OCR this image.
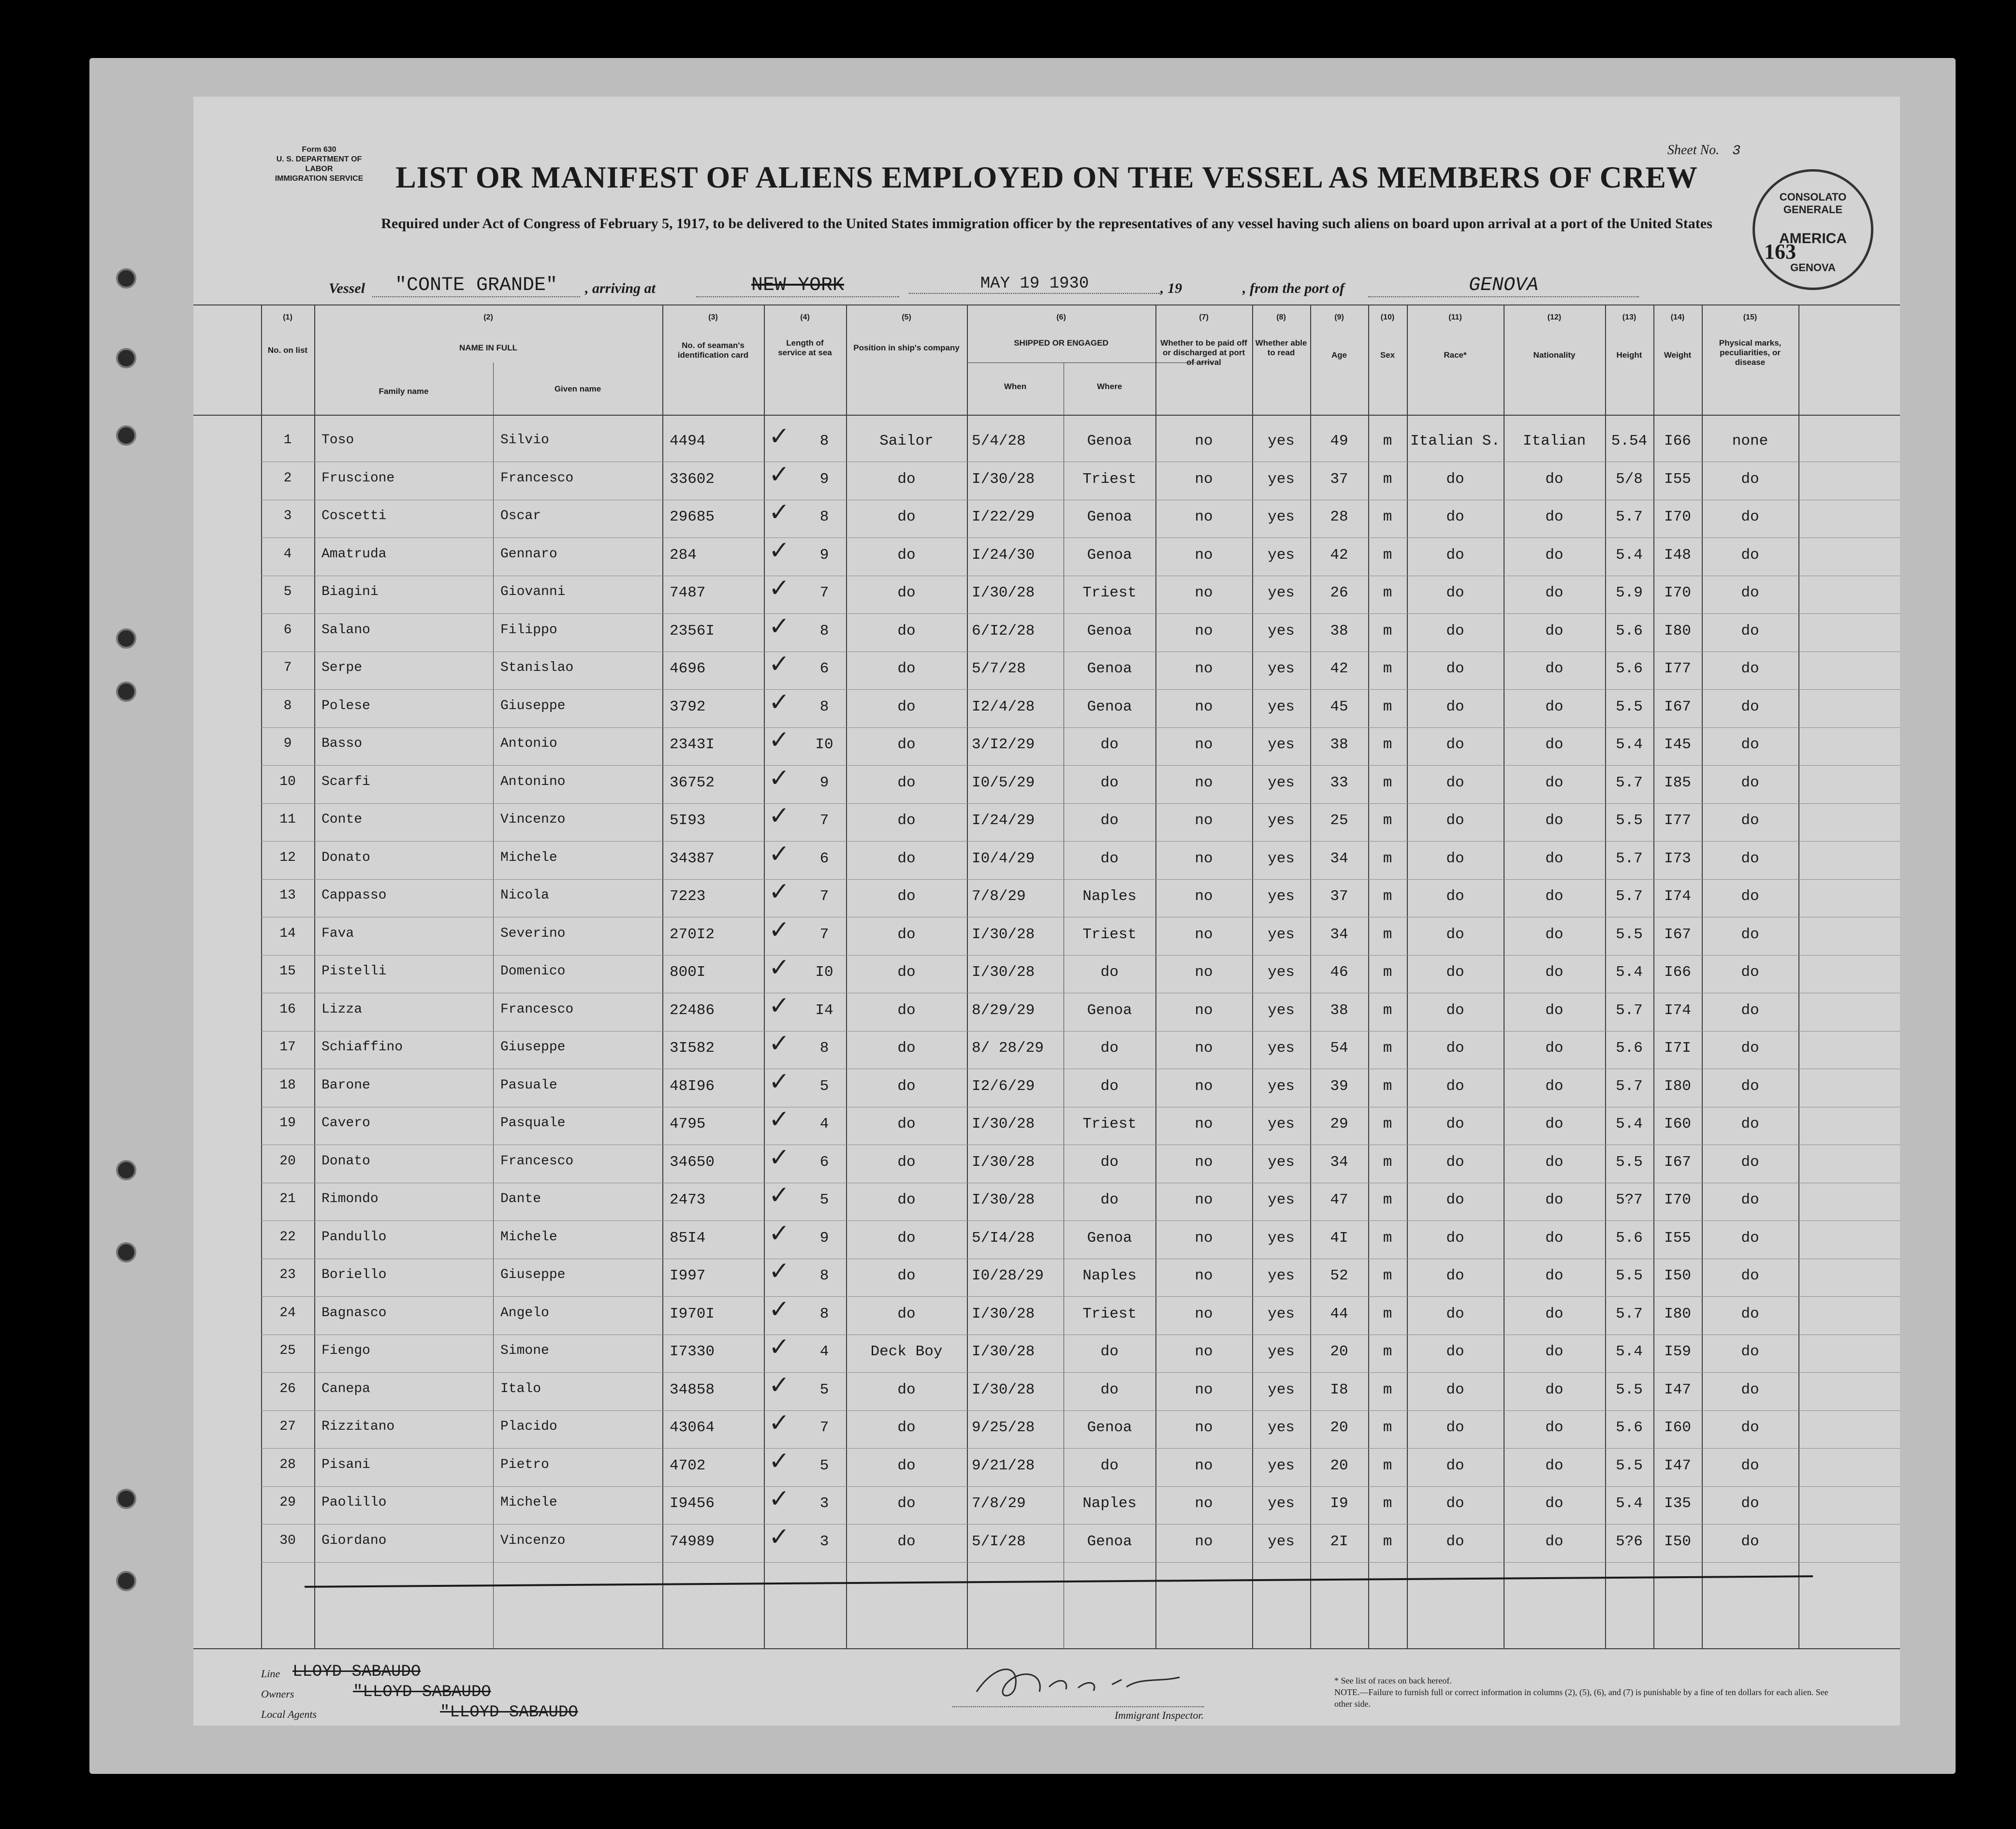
Form 630
U. S. DEPARTMENT OF LABOR
IMMIGRATION SERVICE
Sheet No. 3
LIST OR MANIFEST OF ALIENS EMPLOYED ON THE VESSEL AS MEMBERS OF CREW
Required under Act of Congress of February 5, 1917, to be delivered to the United States immigration officer by the representatives of any vessel having such aliens on board upon arrival at a port of the United States
163
CONSOLATO GENERALE
AMERICA
GENOVA
Vessel	"CONTE GRANDE"	, arriving at	NEW YORK	MAY 19 1930	, 19	, from the port of	GENOVA
(1)	(2)	(3)	(4)	(5)	(6)	(7)	(8)	(9)	(10)	(11)	(12)	(13)	(14)	(15)
No. on list	NAME IN FULL
Family name	Given name
No. of seaman's identification card
Length of service at sea
Position in ship's company
SHIPPED OR ENGAGED
When	Where
Whether to be paid off or discharged at port of arrival
Whether able to read	Age	Sex	Race*	Nationality	Height	Weight
Physical marks, peculiarities, or disease
1	Toso	Silvio	4494	8	Sailor	5/4/28	Genoa	no	yes	49	m	Italian S.	Italian	5.54	I66	none
✓
2	Fruscione	Francesco	33602	9	do	I/30/28	Triest	no	yes	37	m	do	do	5/8	I55	do
✓
3	Coscetti	Oscar	29685	8	do	I/22/29	Genoa	no	yes	28	m	do	do	5.7	I70	do
✓
4	Amatruda	Gennaro	284	9	do	I/24/30	Genoa	no	yes	42	m	do	do	5.4	I48	do
✓
5	Biagini	Giovanni	7487	7	do	I/30/28	Triest	no	yes	26	m	do	do	5.9	I70	do
✓
6	Salano	Filippo	2356I	8	do	6/I2/28	Genoa	no	yes	38	m	do	do	5.6	I80	do
✓
7	Serpe	Stanislao	4696	6	do	5/7/28	Genoa	no	yes	42	m	do	do	5.6	I77	do
✓
8	Polese	Giuseppe	3792	8	do	I2/4/28	Genoa	no	yes	45	m	do	do	5.5	I67	do
✓
9	Basso	Antonio	2343I	I0	do	3/I2/29	do	no	yes	38	m	do	do	5.4	I45	do
✓
10	Scarfi	Antonino	36752	9	do	I0/5/29	do	no	yes	33	m	do	do	5.7	I85	do
✓
11	Conte	Vincenzo	5I93	7	do	I/24/29	do	no	yes	25	m	do	do	5.5	I77	do
✓
12	Donato	Michele	34387	6	do	I0/4/29	do	no	yes	34	m	do	do	5.7	I73	do
✓
13	Cappasso	Nicola	7223	7	do	7/8/29	Naples	no	yes	37	m	do	do	5.7	I74	do
✓
14	Fava	Severino	270I2	7	do	I/30/28	Triest	no	yes	34	m	do	do	5.5	I67	do
✓
15	Pistelli	Domenico	800I	I0	do	I/30/28	do	no	yes	46	m	do	do	5.4	I66	do
✓
16	Lizza	Francesco	22486	I4	do	8/29/29	Genoa	no	yes	38	m	do	do	5.7	I74	do
✓
17	Schiaffino	Giuseppe	3I582	8	do	8/ 28/29	do	no	yes	54	m	do	do	5.6	I7I	do
✓
18	Barone	Pasuale	48I96	5	do	I2/6/29	do	no	yes	39	m	do	do	5.7	I80	do
✓
19	Cavero	Pasquale	4795	4	do	I/30/28	Triest	no	yes	29	m	do	do	5.4	I60	do
✓
20	Donato	Francesco	34650	6	do	I/30/28	do	no	yes	34	m	do	do	5.5	I67	do
✓
21	Rimondo	Dante	2473	5	do	I/30/28	do	no	yes	47	m	do	do	5?7	I70	do
✓
22	Pandullo	Michele	85I4	9	do	5/I4/28	Genoa	no	yes	4I	m	do	do	5.6	I55	do
✓
23	Boriello	Giuseppe	I997	8	do	I0/28/29	Naples	no	yes	52	m	do	do	5.5	I50	do
✓
24	Bagnasco	Angelo	I970I	8	do	I/30/28	Triest	no	yes	44	m	do	do	5.7	I80	do
✓
25	Fiengo	Simone	I7330	4	Deck Boy	I/30/28	do	no	yes	20	m	do	do	5.4	I59	do
✓
26	Canepa	Italo	34858	5	do	I/30/28	do	no	yes	I8	m	do	do	5.5	I47	do
✓
27	Rizzitano	Placido	43064	7	do	9/25/28	Genoa	no	yes	20	m	do	do	5.6	I60	do
✓
28	Pisani	Pietro	4702	5	do	9/21/28	do	no	yes	20	m	do	do	5.5	I47	do
✓
29	Paolillo	Michele	I9456	3	do	7/8/29	Naples	no	yes	I9	m	do	do	5.4	I35	do
✓
30	Giordano	Vincenzo	74989	3	do	5/I/28	Genoa	no	yes	2I	m	do	do	5?6	I50	do
✓
Line LLOYD SABAUDO
Owners	"LLOYD SABAUDO
Local Agents	"LLOYD SABAUDO	Immigrant Inspector.
* See list of races on back hereof.
NOTE.—Failure to furnish full or correct information in columns (2), (5), (6), and (7) is punishable by a fine of ten dollars for each alien. See other side.
